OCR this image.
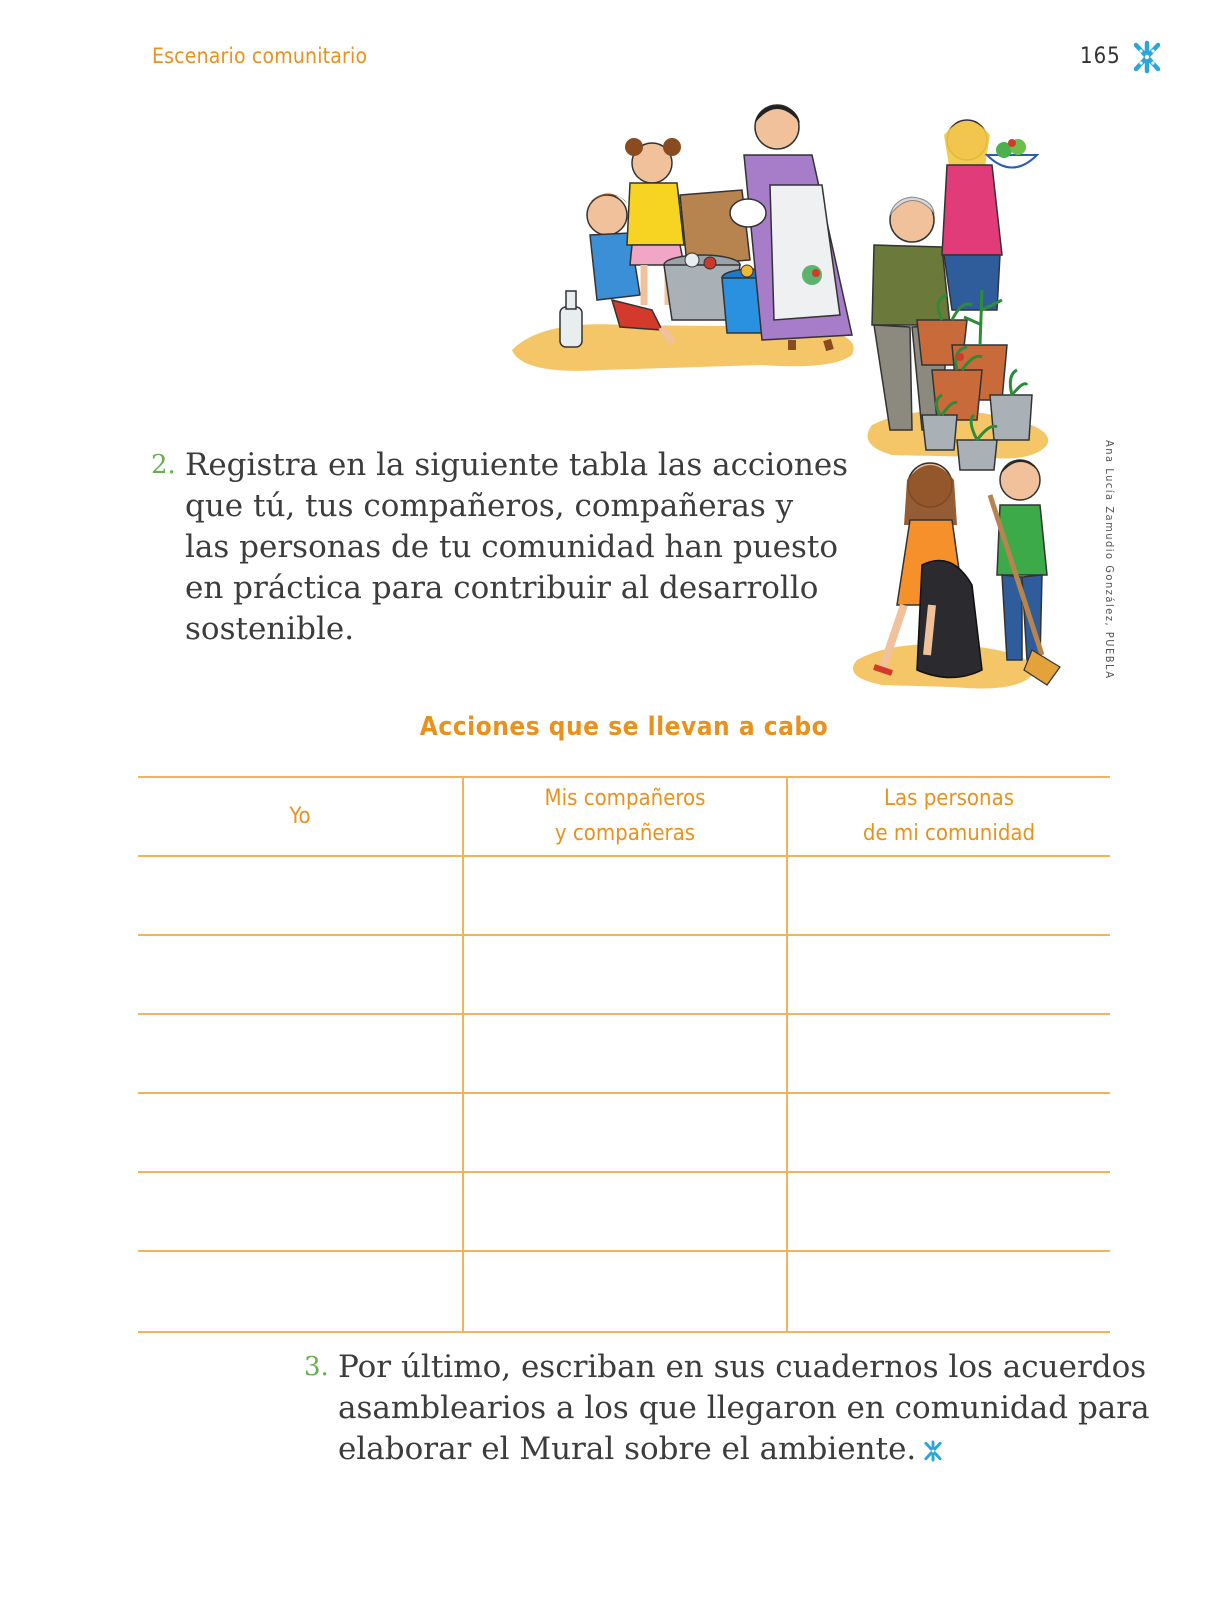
Escenario comunitario	165
Ana Lucía Zamudio González, PUEBLA
2. Registra en la siguiente tabla las acciones
que tú, tus compañeros, compañeras y
las personas de tu comunidad han puesto
en práctica para contribuir al desarrollo
sostenible.
Acciones que se llevan a cabo
Yo
Mis compañeros
y compañeras
Las personas
de mi comunidad
3. Por último, escriban en sus cuadernos los acuerdos
asamblearios a los que llegaron en comunidad para
elaborar el Mural sobre el ambiente.
